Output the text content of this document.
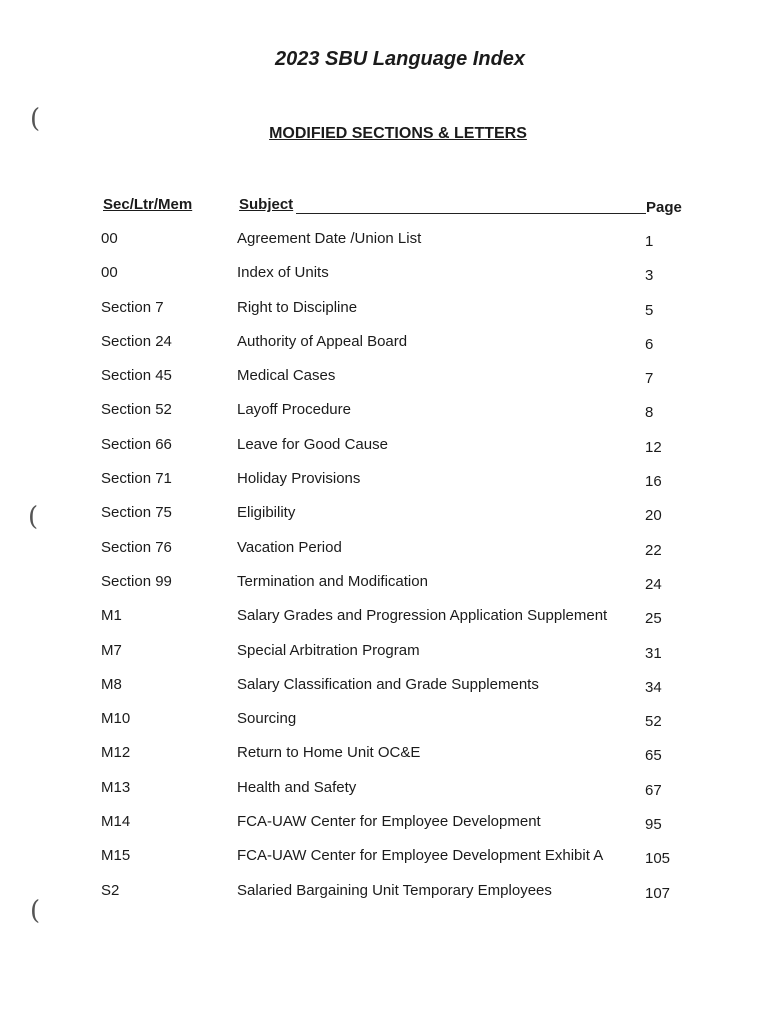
(
(
(
2023 SBU Language Index
MODIFIED SECTIONS & LETTERS
Sec/Ltr/Mem	Subject	Page
00	Agreement Date /Union List	1
00	Index of Units	3
Section 7	Right to Discipline	5
Section 24	Authority of Appeal Board	6
Section 45	Medical Cases	7
Section 52	Layoff Procedure	8
Section 66	Leave for Good Cause	12
Section 71	Holiday Provisions	16
Section 75	Eligibility	20
Section 76	Vacation Period	22
Section 99	Termination and Modification	24
M1	Salary Grades and Progression Application Supplement	25
M7	Special Arbitration Program	31
M8	Salary Classification and Grade Supplements	34
M10	Sourcing	52
M12	Return to Home Unit OC&E	65
M13	Health and Safety	67
M14	FCA-UAW Center for Employee Development	95
M15	FCA-UAW Center for Employee Development Exhibit A	105
S2	Salaried Bargaining Unit Temporary Employees	107
